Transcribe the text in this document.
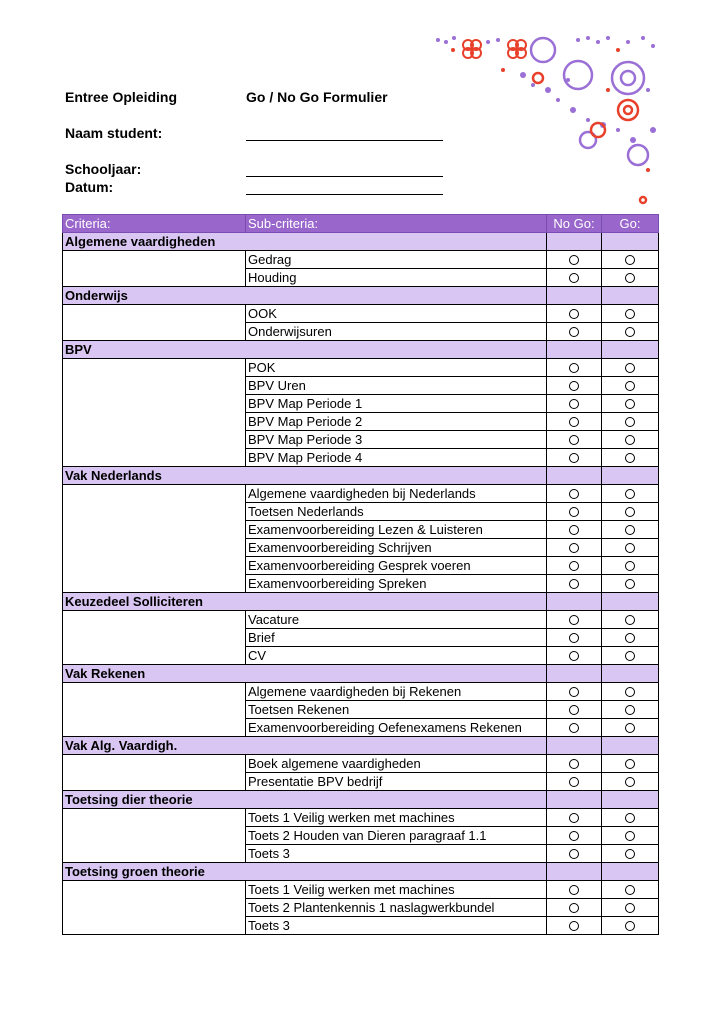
Entree Opleiding	Go / No Go Formulier
Naam student:
Schooljaar:
Datum:
Criteria:	Sub-criteria:	No Go:	Go:
Algemene vaardigheden			
	Gedrag		
	Houding		
Onderwijs			
	OOK		
	Onderwijsuren		
BPV			
	POK		
	BPV Uren		
	BPV Map Periode 1		
	BPV Map Periode 2		
	BPV Map Periode 3		
	BPV Map Periode 4		
Vak Nederlands			
	Algemene vaardigheden bij Nederlands		
	Toetsen Nederlands		
	Examenvoorbereiding Lezen & Luisteren		
	Examenvoorbereiding Schrijven		
	Examenvoorbereiding Gesprek voeren		
	Examenvoorbereiding Spreken		
Keuzedeel Solliciteren			
	Vacature		
	Brief		
	CV		
Vak Rekenen			
	Algemene vaardigheden bij Rekenen		
	Toetsen Rekenen		
	Examenvoorbereiding Oefenexamens Rekenen		
Vak Alg. Vaardigh.			
	Boek algemene vaardigheden		
	Presentatie BPV bedrijf		
Toetsing dier theorie			
	Toets 1 Veilig werken met machines		
	Toets 2 Houden van Dieren paragraaf 1.1		
	Toets 3		
Toetsing groen theorie			
	Toets 1 Veilig werken met machines		
	Toets 2 Plantenkennis 1 naslagwerkbundel		
	Toets 3		
